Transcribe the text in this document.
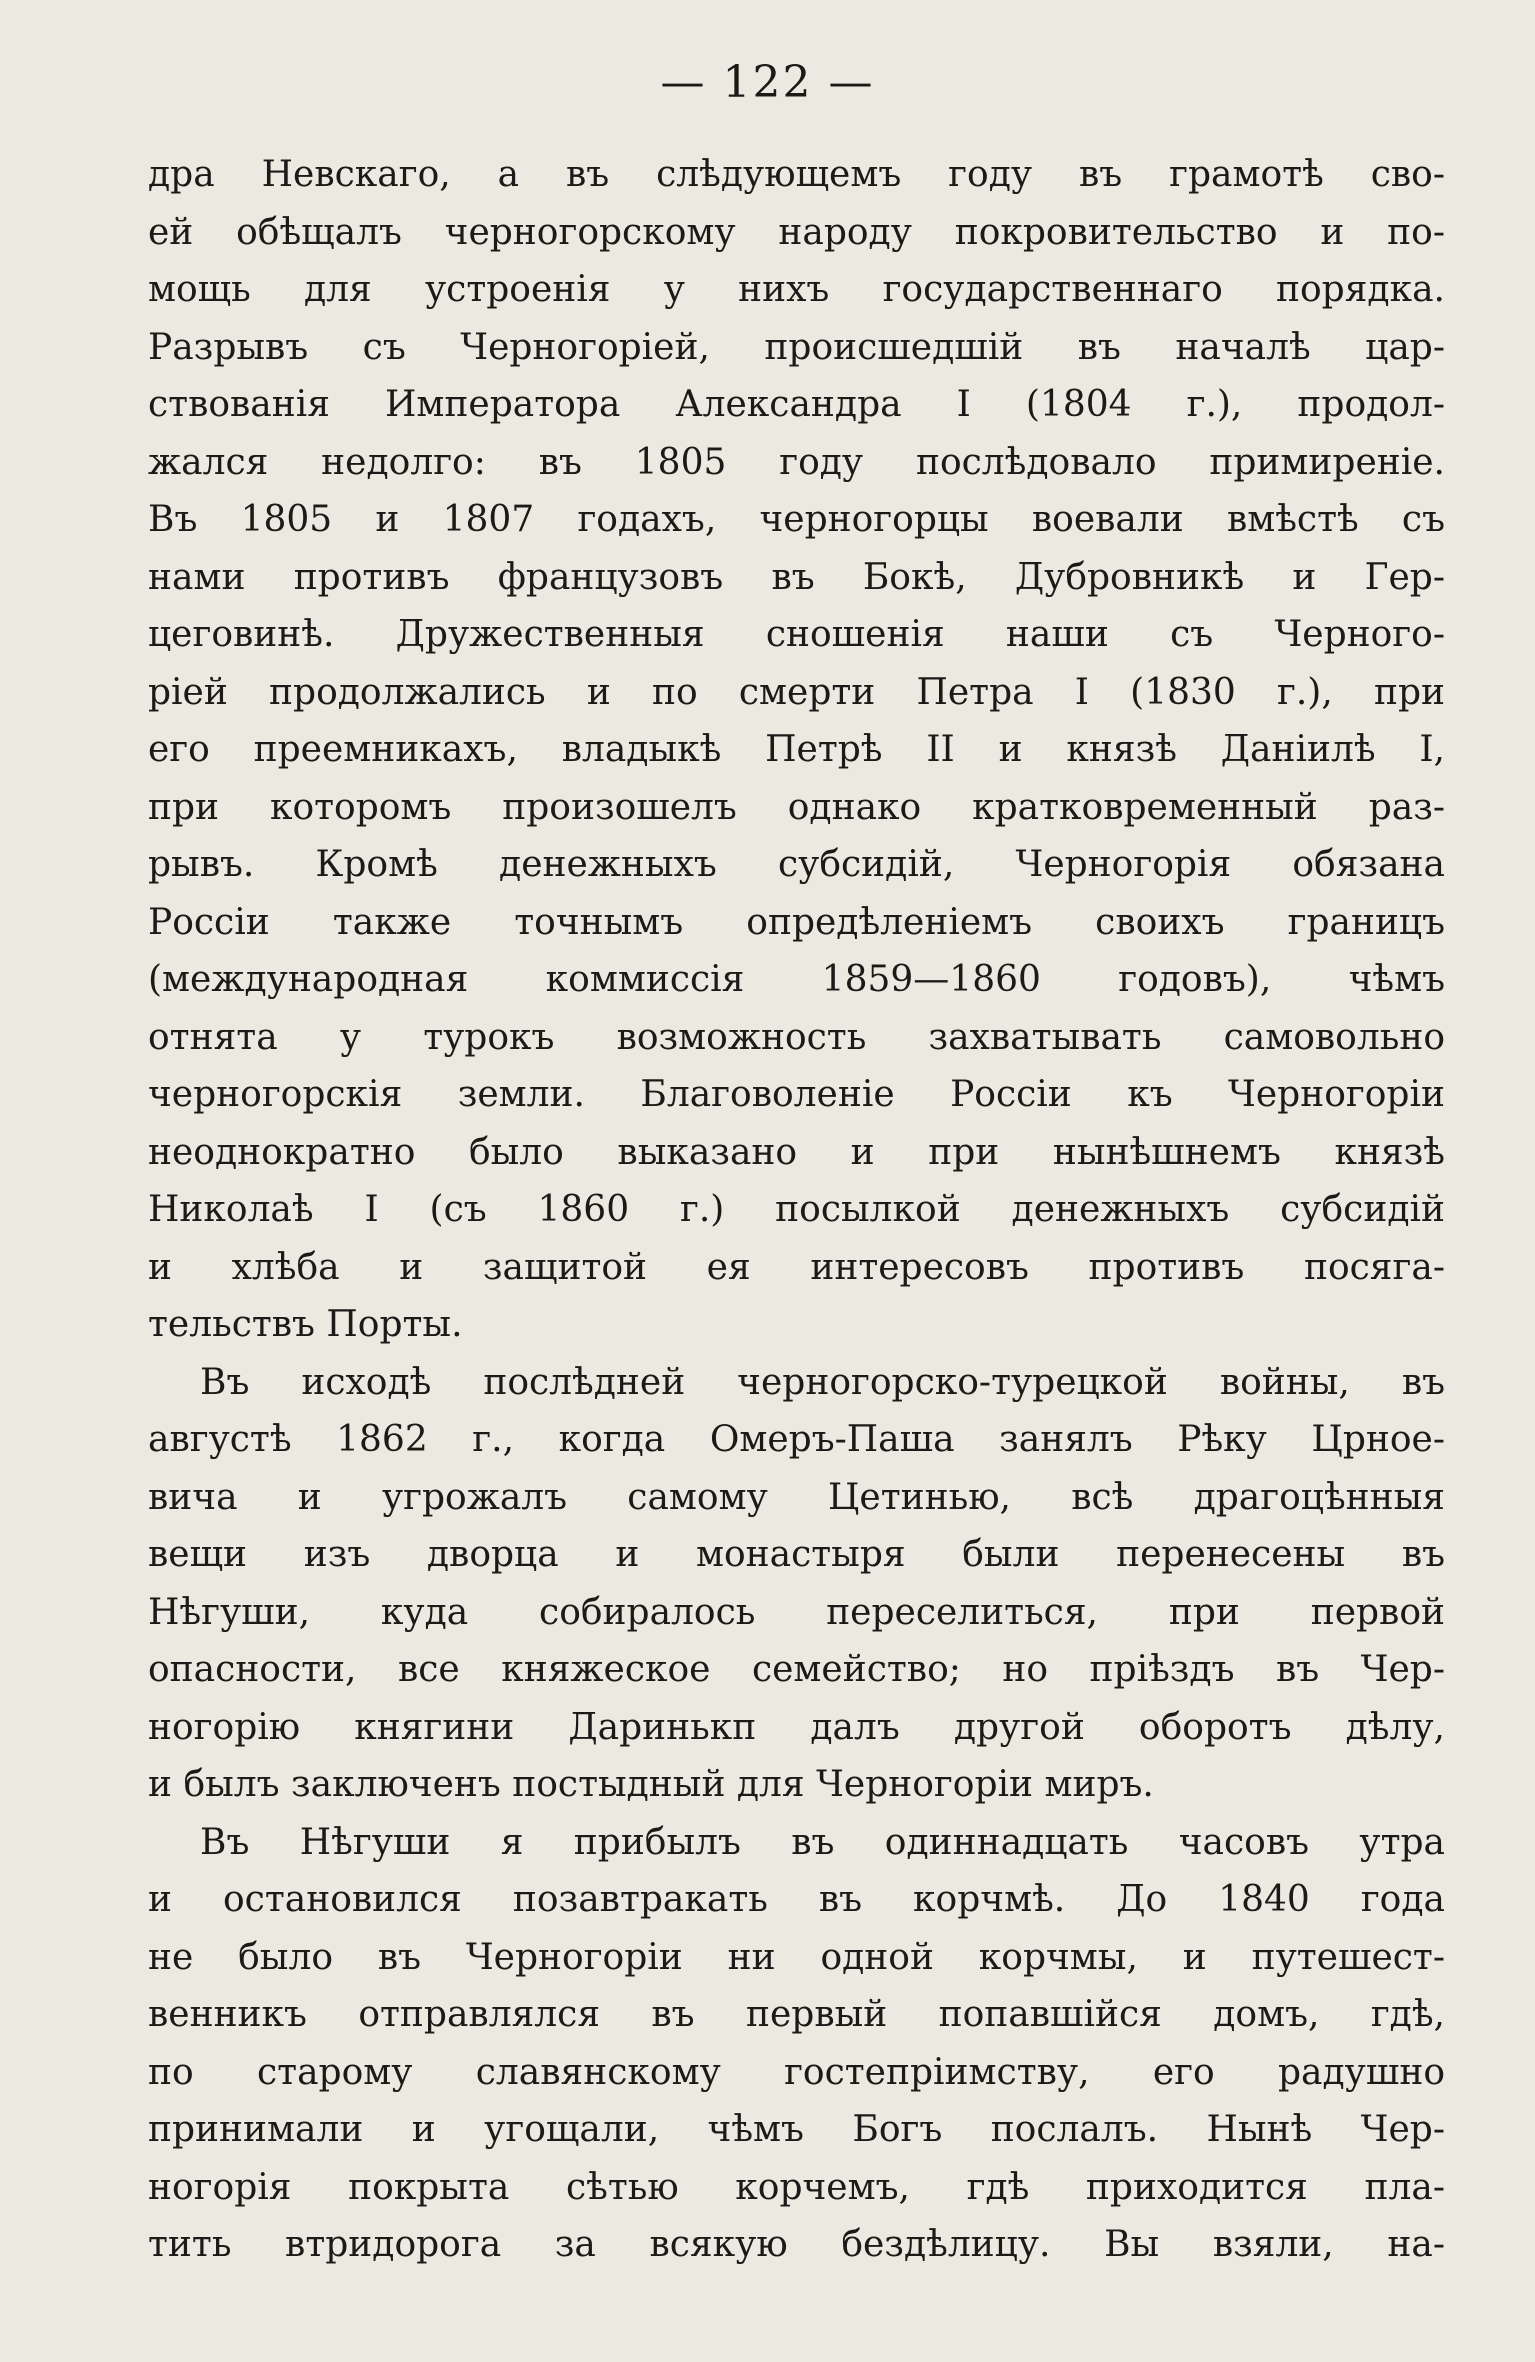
— 122 —
дра Невскаго, а въ слѣдующемъ году въ грамотѣ сво-
ей обѣщалъ черногорскому народу покровительство и по-
мощь для устроенія у нихъ государственнаго порядка.
Разрывъ съ Черногоріей, происшедшій въ началѣ цар-
ствованія Императора Александра I (1804 г.), продол-
жался недолго: въ 1805 году послѣдовало примиреніе.
Въ 1805 и 1807 годахъ, черногорцы воевали вмѣстѣ съ
нами противъ французовъ въ Бокѣ, Дубровникѣ и Гер-
цеговинѣ. Дружественныя сношенія наши съ Черного-
ріей продолжались и по смерти Петра I (1830 г.), при
его преемникахъ, владыкѣ Петрѣ II и князѣ Даніилѣ I,
при которомъ произошелъ однако кратковременный раз-
рывъ. Кромѣ денежныхъ субсидій, Черногорія обязана
Россіи также точнымъ опредѣленіемъ своихъ границъ
(международная коммиссія 1859—1860 годовъ), чѣмъ
отнята у турокъ возможность захватывать самовольно
черногорскія земли. Благоволеніе Россіи къ Черногоріи
неоднократно было выказано и при нынѣшнемъ князѣ
Николаѣ I (съ 1860 г.) посылкой денежныхъ субсидій
и хлѣба и защитой ея интересовъ противъ посяга-
тельствъ Порты.
Въ исходѣ послѣдней черногорско-турецкой войны, въ
августѣ 1862 г., когда Омеръ-Паша занялъ Рѣку Црное-
вича и угрожалъ самому Цетинью, всѣ драгоцѣнныя
вещи изъ дворца и монастыря были перенесены въ
Нѣгуши, куда собиралось переселиться, при первой
опасности, все княжеское семейство; но пріѣздъ въ Чер-
ногорію княгини Даринькп далъ другой оборотъ дѣлу,
и былъ заключенъ постыдный для Черногоріи миръ.
Въ Нѣгуши я прибылъ въ одиннадцать часовъ утра
и остановился позавтракать въ корчмѣ. До 1840 года
не было въ Черногоріи ни одной корчмы, и путешест-
венникъ отправлялся въ первый попавшійся домъ, гдѣ,
по старому славянскому гостепріимству, его радушно
принимали и угощали, чѣмъ Богъ послалъ. Нынѣ Чер-
ногорія покрыта сѣтью корчемъ, гдѣ приходится пла-
тить втридорога за всякую бездѣлицу. Вы взяли, на-
